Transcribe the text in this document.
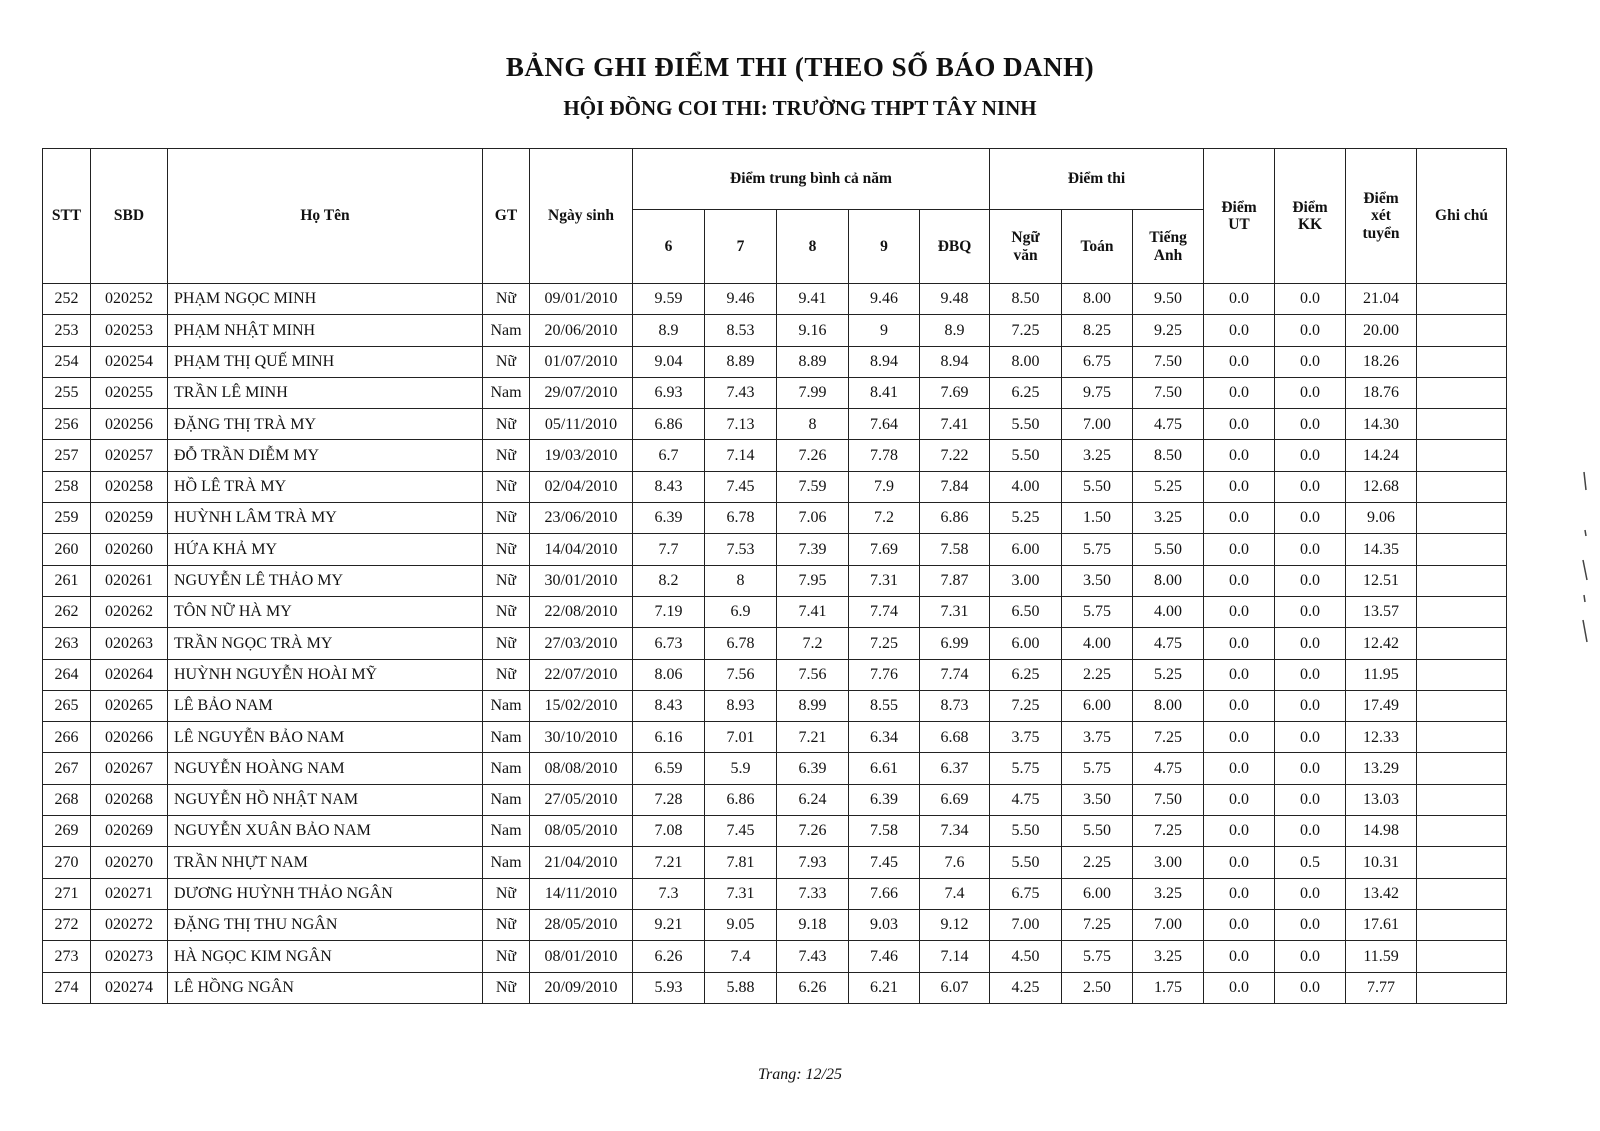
BẢNG GHI ĐIỂM THI (THEO SỐ BÁO DANH)
HỘI ĐỒNG COI THI: TRƯỜNG THPT TÂY NINH
STT	SBD	Họ Tên	GT	Ngày sinh	Điểm trung bình cả năm					Điểm thi			Điểm UT	Điểm KK	Điểm xét tuyển	Ghi chú
					6	7	8	9	ĐBQ	Ngữ văn	Toán	Tiếng Anh				
252	020252	PHẠM NGỌC MINH	Nữ	09/01/2010	9.59	9.46	9.41	9.46	9.48	8.50	8.00	9.50	0.0	0.0	21.04	
253	020253	PHẠM NHẬT MINH	Nam	20/06/2010	8.9	8.53	9.16	9	8.9	7.25	8.25	9.25	0.0	0.0	20.00	
254	020254	PHẠM THỊ QUẾ MINH	Nữ	01/07/2010	9.04	8.89	8.89	8.94	8.94	8.00	6.75	7.50	0.0	0.0	18.26	
255	020255	TRẦN LÊ MINH	Nam	29/07/2010	6.93	7.43	7.99	8.41	7.69	6.25	9.75	7.50	0.0	0.0	18.76	
256	020256	ĐẶNG THỊ TRÀ MY	Nữ	05/11/2010	6.86	7.13	8	7.64	7.41	5.50	7.00	4.75	0.0	0.0	14.30	
257	020257	ĐỖ TRẦN DIỄM MY	Nữ	19/03/2010	6.7	7.14	7.26	7.78	7.22	5.50	3.25	8.50	0.0	0.0	14.24	
258	020258	HỒ LÊ TRÀ MY	Nữ	02/04/2010	8.43	7.45	7.59	7.9	7.84	4.00	5.50	5.25	0.0	0.0	12.68	
259	020259	HUỲNH LÂM TRÀ MY	Nữ	23/06/2010	6.39	6.78	7.06	7.2	6.86	5.25	1.50	3.25	0.0	0.0	9.06	
260	020260	HỨA KHẢ MY	Nữ	14/04/2010	7.7	7.53	7.39	7.69	7.58	6.00	5.75	5.50	0.0	0.0	14.35	
261	020261	NGUYỄN LÊ THẢO MY	Nữ	30/01/2010	8.2	8	7.95	7.31	7.87	3.00	3.50	8.00	0.0	0.0	12.51	
262	020262	TÔN NỮ HÀ MY	Nữ	22/08/2010	7.19	6.9	7.41	7.74	7.31	6.50	5.75	4.00	0.0	0.0	13.57	
263	020263	TRẦN NGỌC TRÀ MY	Nữ	27/03/2010	6.73	6.78	7.2	7.25	6.99	6.00	4.00	4.75	0.0	0.0	12.42	
264	020264	HUỲNH NGUYỄN HOÀI MỸ	Nữ	22/07/2010	8.06	7.56	7.56	7.76	7.74	6.25	2.25	5.25	0.0	0.0	11.95	
265	020265	LÊ BẢO NAM	Nam	15/02/2010	8.43	8.93	8.99	8.55	8.73	7.25	6.00	8.00	0.0	0.0	17.49	
266	020266	LÊ NGUYỄN BẢO NAM	Nam	30/10/2010	6.16	7.01	7.21	6.34	6.68	3.75	3.75	7.25	0.0	0.0	12.33	
267	020267	NGUYỄN HOÀNG NAM	Nam	08/08/2010	6.59	5.9	6.39	6.61	6.37	5.75	5.75	4.75	0.0	0.0	13.29	
268	020268	NGUYỄN HỒ NHẬT NAM	Nam	27/05/2010	7.28	6.86	6.24	6.39	6.69	4.75	3.50	7.50	0.0	0.0	13.03	
269	020269	NGUYỄN XUÂN BẢO NAM	Nam	08/05/2010	7.08	7.45	7.26	7.58	7.34	5.50	5.50	7.25	0.0	0.0	14.98	
270	020270	TRẦN NHỰT NAM	Nam	21/04/2010	7.21	7.81	7.93	7.45	7.6	5.50	2.25	3.00	0.0	0.5	10.31	
271	020271	DƯƠNG HUỲNH THẢO NGÂN	Nữ	14/11/2010	7.3	7.31	7.33	7.66	7.4	6.75	6.00	3.25	0.0	0.0	13.42	
272	020272	ĐẶNG THỊ THU NGÂN	Nữ	28/05/2010	9.21	9.05	9.18	9.03	9.12	7.00	7.25	7.00	0.0	0.0	17.61	
273	020273	HÀ NGỌC KIM NGÂN	Nữ	08/01/2010	6.26	7.4	7.43	7.46	7.14	4.50	5.75	3.25	0.0	0.0	11.59	
274	020274	LÊ HỒNG NGÂN	Nữ	20/09/2010	5.93	5.88	6.26	6.21	6.07	4.25	2.50	1.75	0.0	0.0	7.77	
Trang: 12/25
